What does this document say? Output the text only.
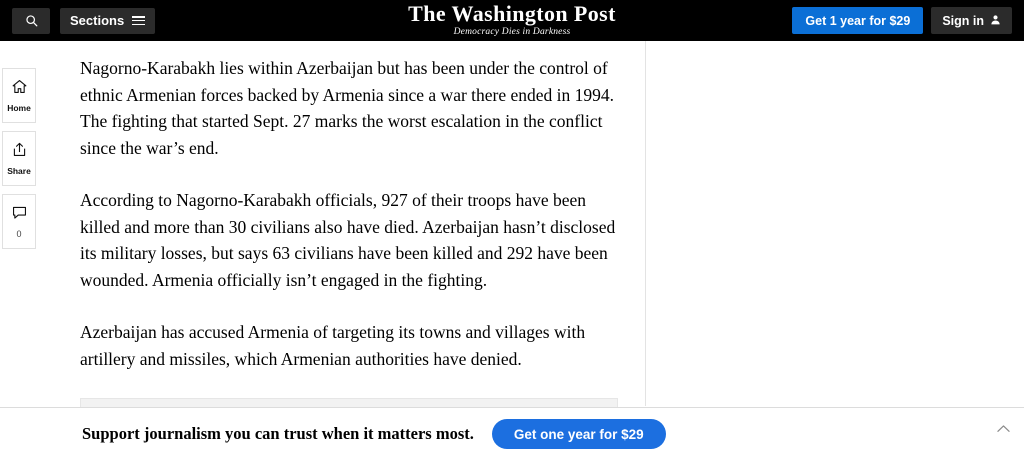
Sections	The Washington Post
Democracy Dies in Darkness
Get 1 year for $29	Sign in
Home
Share
0

Nagorno-Karabakh lies within Azerbaijan but has been under the control of ethnic Armenian forces backed by Armenia since a war there ended in 1994. The fighting that started Sept. 27 marks the worst escalation in the conflict since the war’s end.

According to Nagorno-Karabakh officials, 927 of their troops have been killed and more than 30 civilians also have died. Azerbaijan hasn’t disclosed its military losses, but says 63 civilians have been killed and 292 have been wounded. Armenia officially isn’t engaged in the fighting.

Azerbaijan has accused Armenia of targeting its towns and villages with artillery and missiles, which Armenian authorities have denied.

Support journalism you can trust when it matters most.	Get one year for $29
